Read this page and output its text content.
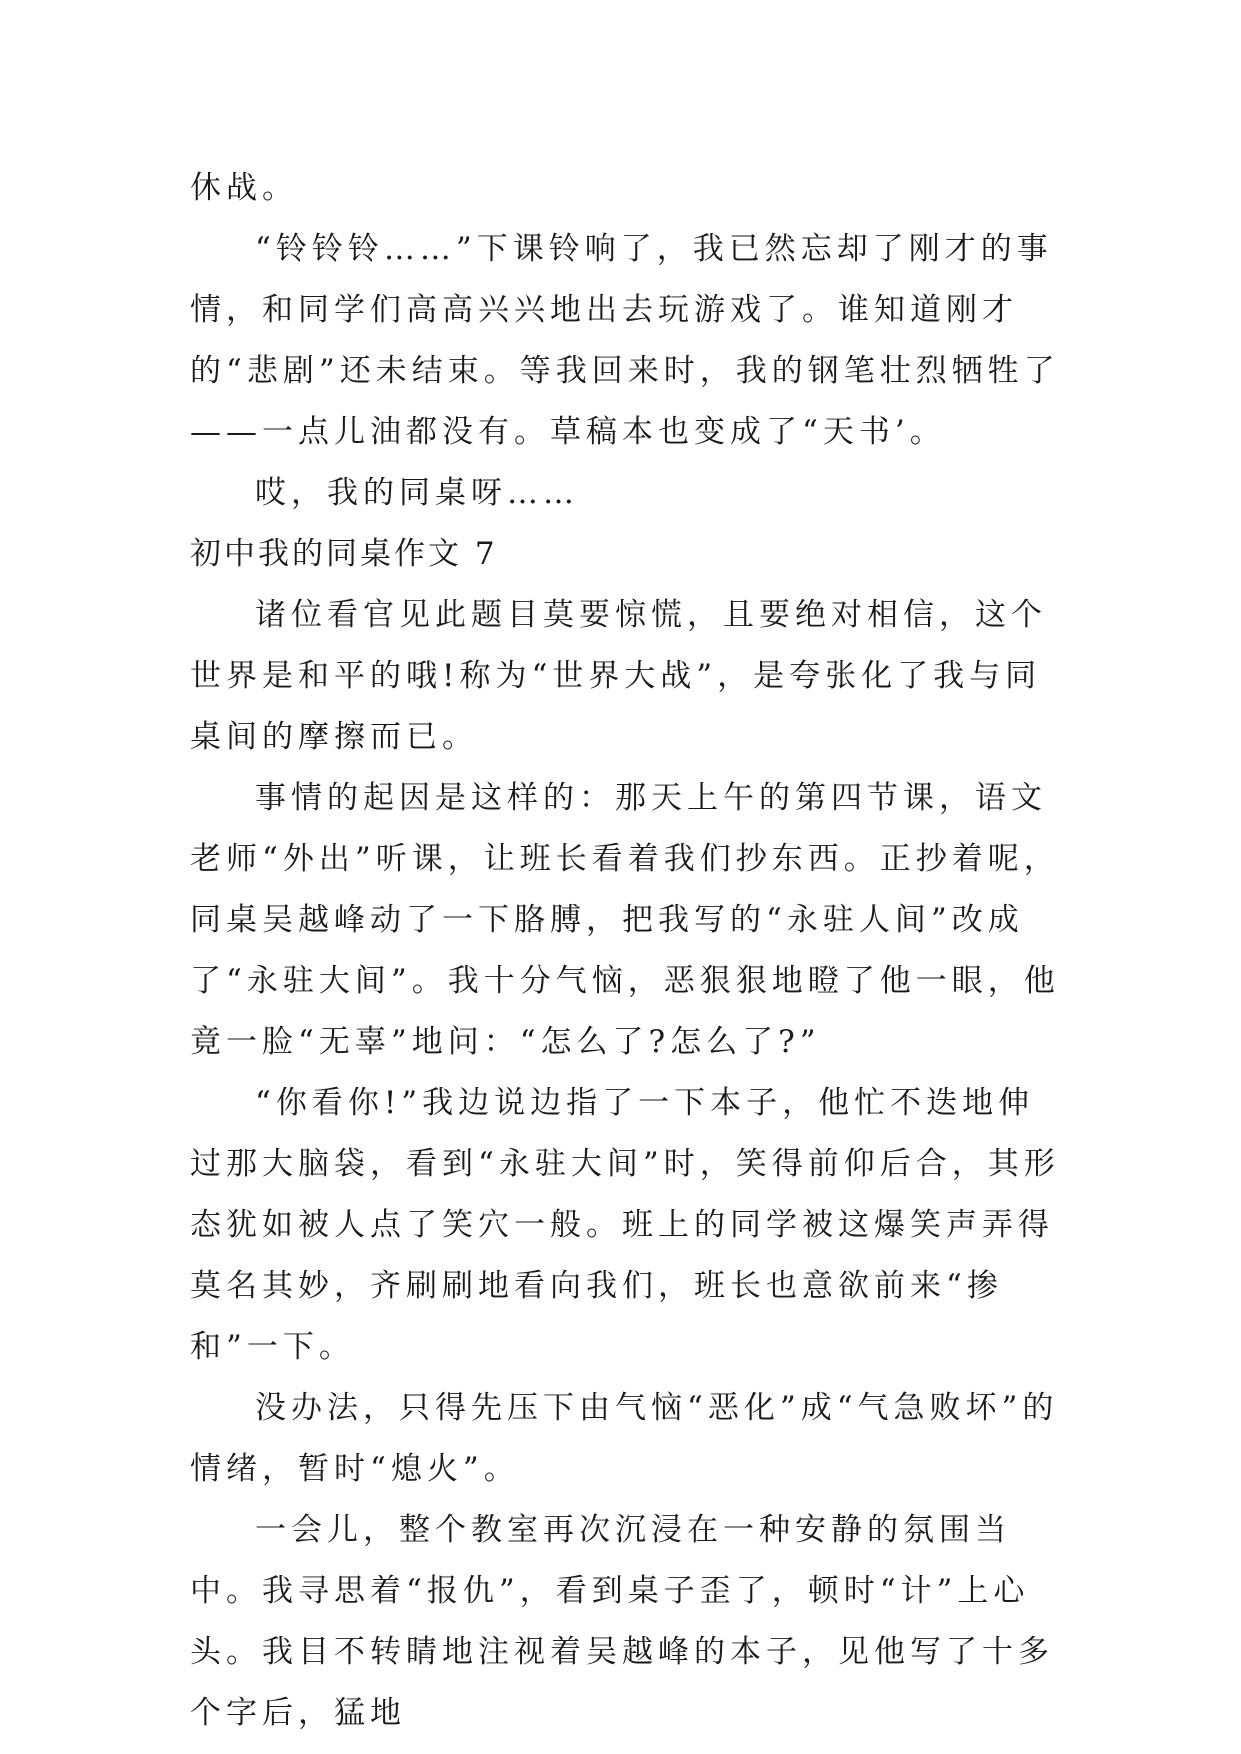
休战。

“铃铃铃……”下课铃响了，我已然忘却了刚才的事情，和同学们高高兴兴地出去玩游戏了。谁知道刚才的“悲剧”还未结束。等我回来时，我的钢笔壮烈牺牲了——一点儿油都没有。草稿本也变成了“天书’。

哎，我的同桌呀……

初中我的同桌作文 7

诸位看官见此题目莫要惊慌，且要绝对相信，这个世界是和平的哦!称为“世界大战”，是夸张化了我与同桌间的摩擦而已。

事情的起因是这样的：那天上午的第四节课，语文老师“外出”听课，让班长看着我们抄东西。正抄着呢，同桌吴越峰动了一下胳膊，把我写的“永驻人间”改成了“永驻大间”。我十分气恼，恶狠狠地瞪了他一眼，他竟一脸“无辜”地问：“怎么了?怎么了?”

“你看你!”我边说边指了一下本子，他忙不迭地伸过那大脑袋，看到“永驻大间”时，笑得前仰后合，其形态犹如被人点了笑穴一般。班上的同学被这爆笑声弄得莫名其妙，齐刷刷地看向我们，班长也意欲前来“掺和”一下。

没办法，只得先压下由气恼“恶化”成“气急败坏”的情绪，暂时“熄火”。

一会儿，整个教室再次沉浸在一种安静的氛围当中。我寻思着“报仇”，看到桌子歪了，顿时“计”上心头。我目不转睛地注视着吴越峰的本子，见他写了十多个字后，猛地
